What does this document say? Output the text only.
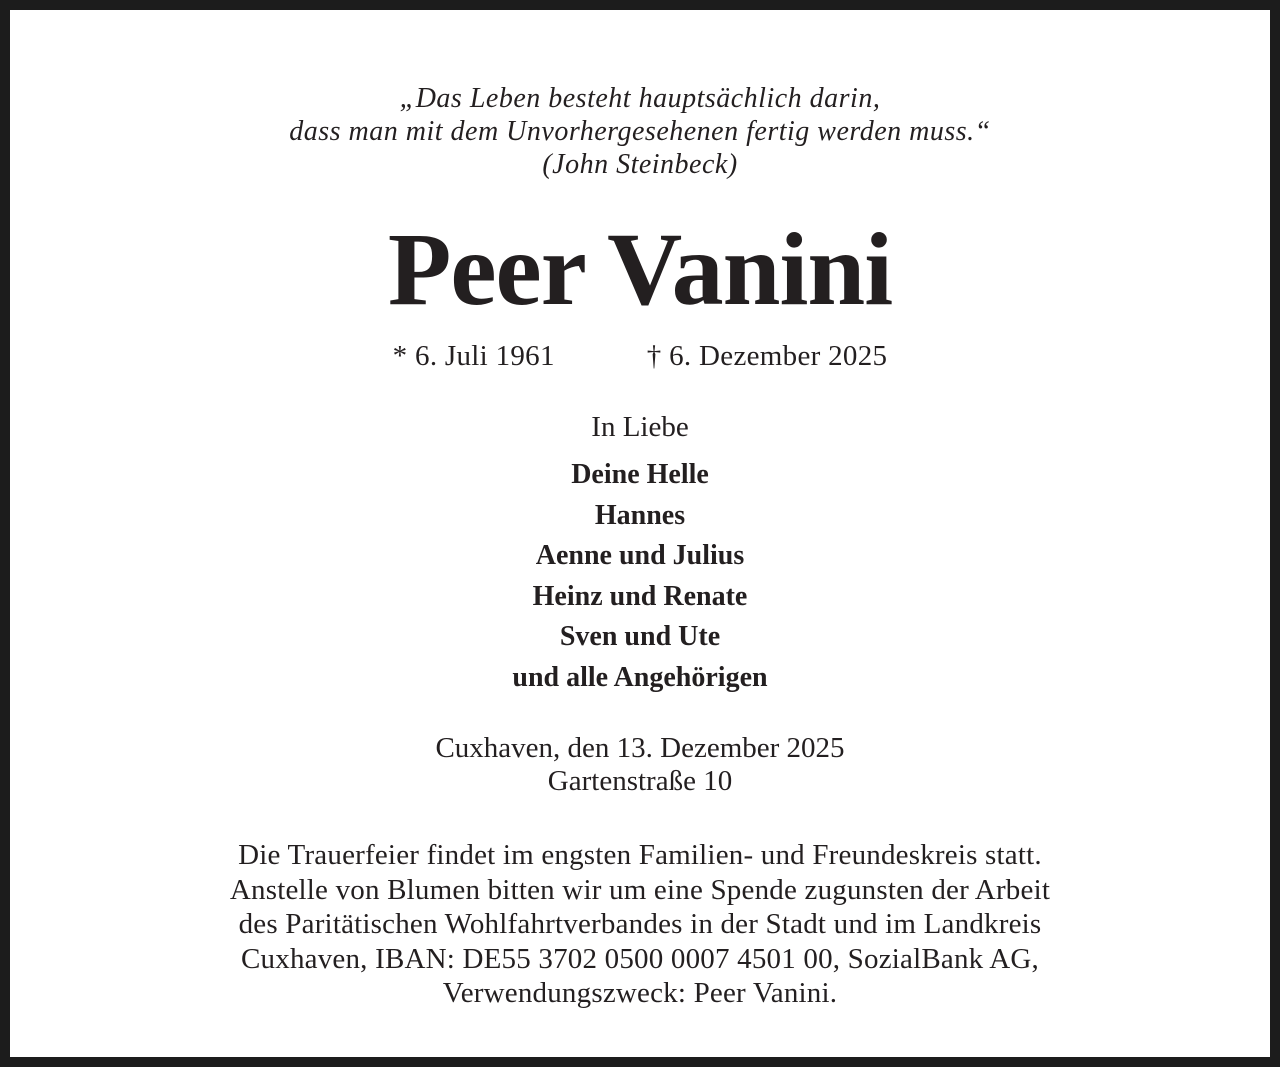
„Das Leben besteht hauptsächlich darin,
dass man mit dem Unvorhergesehenen fertig werden muss.“
(John Steinbeck)
Peer Vanini
* 6. Juli 1961	† 6. Dezember 2025
In Liebe
Deine Helle
Hannes
Aenne und Julius
Heinz und Renate
Sven und Ute
und alle Angehörigen
Cuxhaven, den 13. Dezember 2025
Gartenstraße 10
Die Trauerfeier findet im engsten Familien- und Freundeskreis statt.
Anstelle von Blumen bitten wir um eine Spende zugunsten der Arbeit
des Paritätischen Wohlfahrtverbandes in der Stadt und im Landkreis
Cuxhaven, IBAN: DE55 3702 0500 0007 4501 00, SozialBank AG,
Verwendungszweck: Peer Vanini.
